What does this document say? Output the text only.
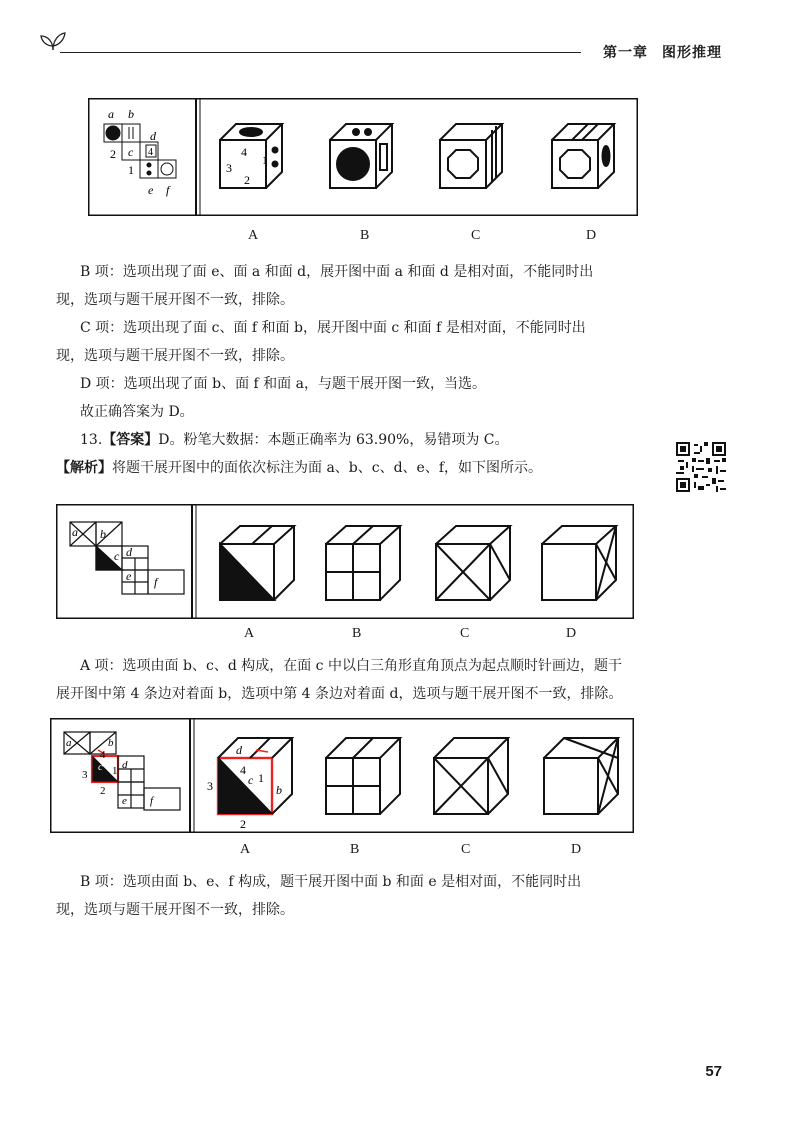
第一章 图形推理
a b
2
d
c 4
1
e f
4
3
2
1
A	B	C	D

B 项：选项出现了面 e、面 a 和面 d，展开图中面 a 和面 d 是相对面，不能同时出

现，选项与题干展开图不一致，排除。

C 项：选项出现了面 c、面 f 和面 b，展开图中面 c 和面 f 是相对面，不能同时出

现，选项与题干展开图不一致，排除。

D 项：选项出现了面 b、面 f 和面 a，与题干展开图一致，当选。

故正确答案为 D。

13.【答案】D。粉笔大数据：本题正确率为 63.90%，易错项为 C。

【解析】将题干展开图中的面依次标注为面 a、b、c、d、e、f，如下图所示。

a b
c d
e f
A	B	C	D

A 项：选项由面 b、c、d 构成，在面 c 中以白三角形直角顶点为起点顺时针画边，题干

展开图中第 4 条边对着面 b，选项中第 4 条边对着面 d，选项与题干展开图不一致，排除。

a	b
4
3
c 1 d
2
e f
d
4
c 1
3	b
2
A	B	C	D

B 项：选项由面 b、e、f 构成，题干展开图中面 b 和面 e 是相对面，不能同时出

现，选项与题干展开图不一致，排除。

57
